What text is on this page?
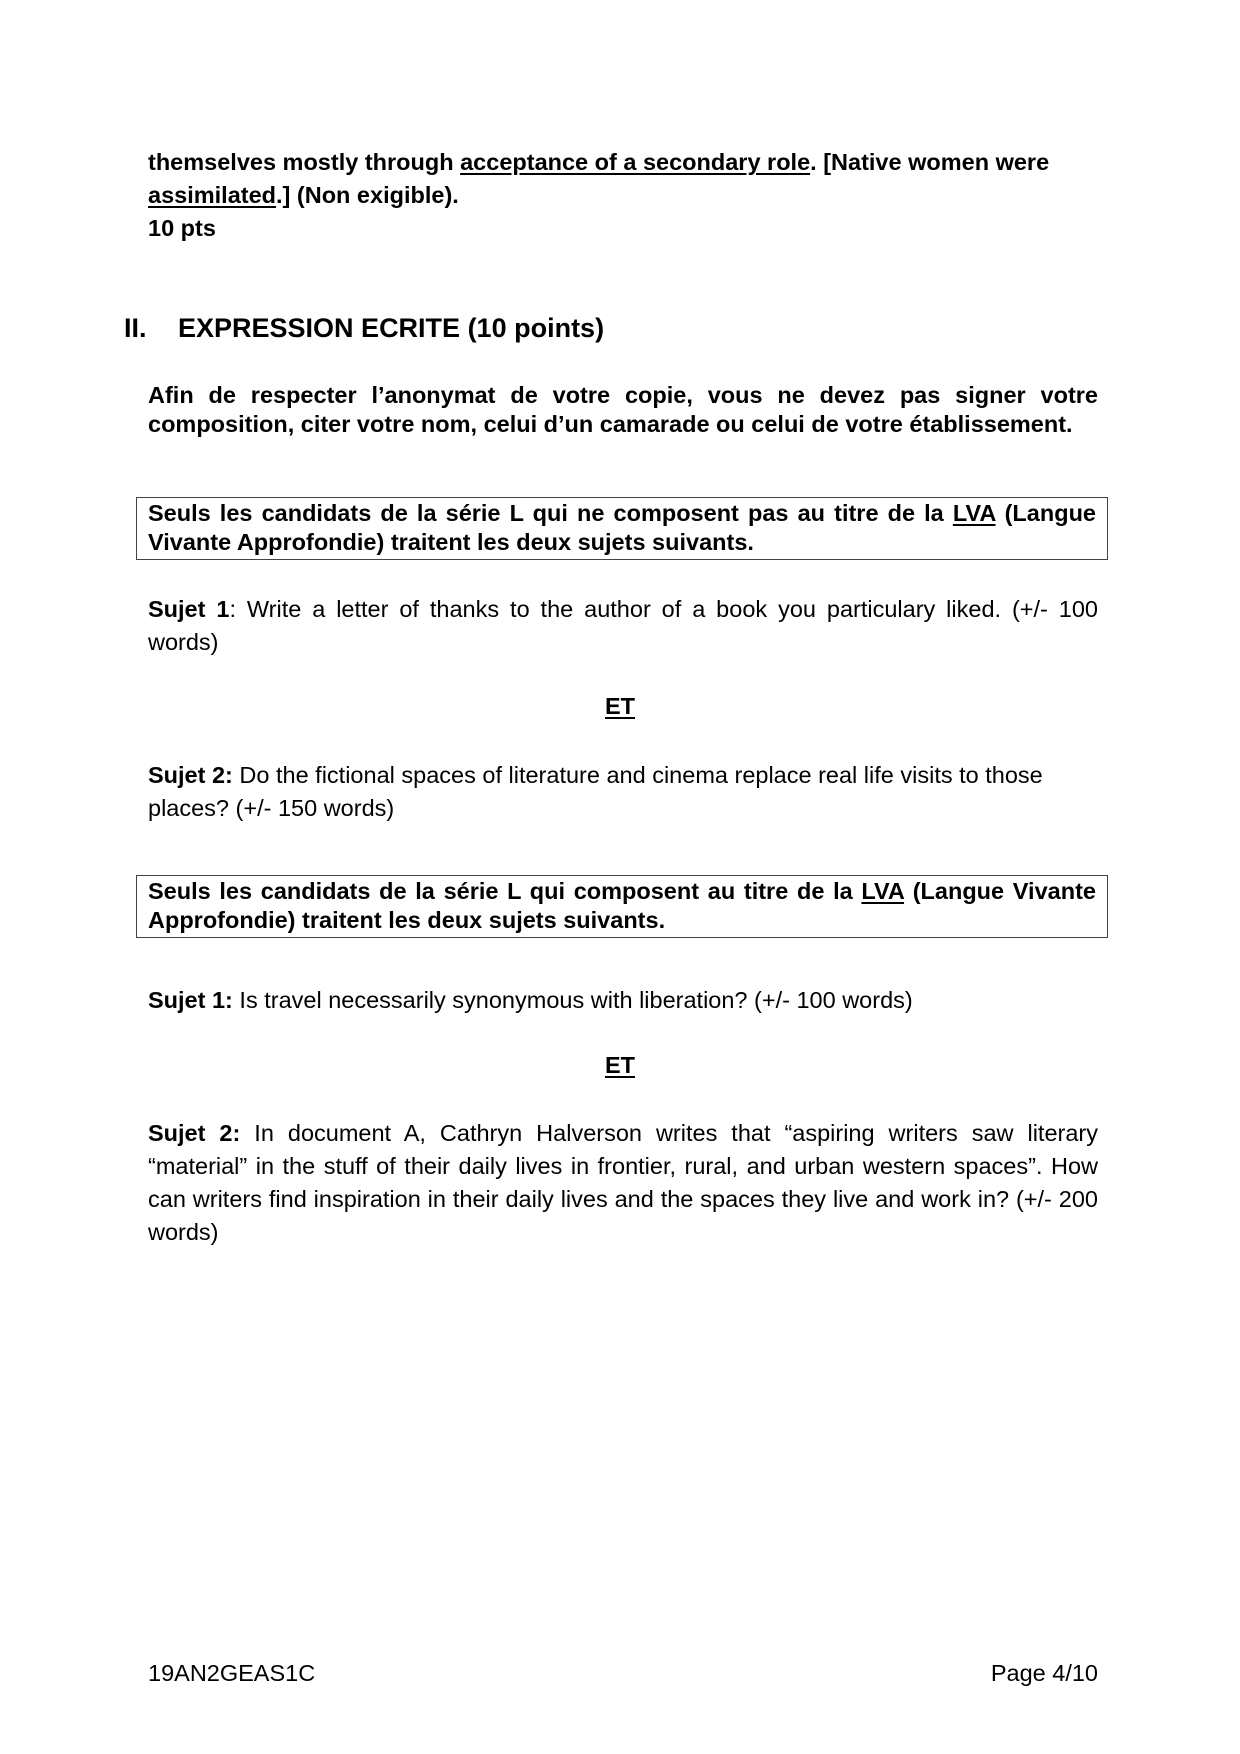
themselves mostly through acceptance of a secondary role. [Native women were assimilated.] (Non exigible).
10 pts
II. EXPRESSION ECRITE (10 points)
Afin de respecter l’anonymat de votre copie, vous ne devez pas signer votre composition, citer votre nom, celui d’un camarade ou celui de votre établissement.
Seuls les candidats de la série L qui ne composent pas au titre de la LVA (Langue Vivante Approfondie) traitent les deux sujets suivants.
Sujet 1: Write a letter of thanks to the author of a book you particulary liked. (+/- 100 words)
ET
Sujet 2: Do the fictional spaces of literature and cinema replace real life visits to those places? (+/- 150 words)
Seuls les candidats de la série L qui composent au titre de la LVA (Langue Vivante Approfondie) traitent les deux sujets suivants.
Sujet 1: Is travel necessarily synonymous with liberation? (+/- 100 words)
ET
Sujet 2: In document A, Cathryn Halverson writes that “aspiring writers saw literary “material” in the stuff of their daily lives in frontier, rural, and urban western spaces”. How can writers find inspiration in their daily lives and the spaces they live and work in? (+/- 200 words)
19AN2GEAS1C	Page 4/10
